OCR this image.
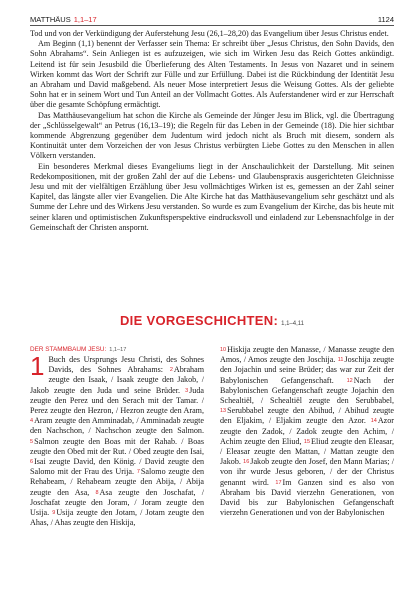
MATTHÄUS 1,1–17	1124

Tod und von der Verkündigung der Auferstehung Jesu (26,1–28,20) das Evangelium über Jesus Christus endet.

Am Beginn (1,1) benennt der Verfasser sein Thema: Er schreibt über „Jesus Christus, den Sohn Davids, den Sohn Abrahams“. Sein Anliegen ist es aufzuzeigen, wie sich im Wirken Jesu das Reich Gottes ankündigt. Leitend ist für sein Jesusbild die Überlieferung des Alten Testaments. In Jesus von Nazaret und in seinem Wirken kommt das Wort der Schrift zur Fülle und zur Erfüllung. Dabei ist die Rückbindung der Identität Jesu an Abraham und David maßgebend. Als neuer Mose interpretiert Jesus die Weisung Gottes. Als der geliebte Sohn hat er in seinem Wort und Tun Anteil an der Vollmacht Gottes. Als Auferstandener wird er zur Herrschaft über die gesamte Schöpfung ermächtigt.

Das Matthäusevangelium hat schon die Kirche als Gemeinde der Jünger Jesu im Blick, vgl. die Übertragung der „Schlüsselgewalt“ an Petrus (16,13–19); die Regeln für das Leben in der Gemeinde (18). Die hier sichtbar kommende Abgrenzung gegenüber dem Judentum wird jedoch nicht als Bruch mit diesem, sondern als Kontinuität unter dem Vorzeichen der von Jesus Christus verbürgten Liebe Gottes zu den Menschen in allen Völkern verstanden.

Ein besonderes Merkmal dieses Evangeliums liegt in der Anschaulichkeit der Darstellung. Mit seinen Redekompositionen, mit der großen Zahl der auf die Lebens- und Glaubenspraxis ausgerichteten Gleichnisse Jesu und mit der vielfältigen Erzählung über Jesu vollmächtiges Wirken ist es, gemessen an der Zahl seiner Kapitel, das längste aller vier Evangelien. Die Alte Kirche hat das Matthäusevangelium sehr geschätzt und als Summe der Lehre und des Wirkens Jesu verstanden. So wurde es zum Evangelium der Kirche, das bis heute mit seiner klaren und optimistischen Zukunftsperspektive eindrucksvoll und einladend zur Lebensnachfolge in der Gemeinschaft der Christen anspornt.

DIE VORGESCHICHTEN: 1,1–4,11
DER STAMMBAUM JESU: 1,1–17

1 Buch des Ursprungs Jesu Christi, des Sohnes Davids, des Sohnes Abrahams: 2Abraham zeugte den Isaak, / Isaak zeugte den Jakob, / Jakob zeugte den Juda und seine Brüder. 3Juda zeugte den Perez und den Serach mit der Tamar. / Perez zeugte den Hezron, / Hezron zeugte den Aram, 4Aram zeugte den Amminadab, / Amminadab zeugte den Nachschon, / Nachschon zeugte den Salmon. 5Salmon zeugte den Boas mit der Rahab. / Boas zeugte den Obed mit der Rut. / Obed zeugte den Isai, 6Isai zeugte David, den König. / David zeugte den Salomo mit der Frau des Urija. 7Salomo zeugte den Rehabeam, / Rehabeam zeugte den Abija, / Abija zeugte den Asa, 8Asa zeugte den Joschafat, / Joschafat zeugte den Joram, / Joram zeugte den Usija. 9Usija zeugte den Jotam, / Jotam zeugte den Ahas, / Ahas zeugte den Hiskija,

10Hiskija zeugte den Manasse, / Manasse zeugte den Amos, / Amos zeugte den Joschija. 11Joschija zeugte den Jojachin und seine Brüder; das war zur Zeit der Babylonischen Gefangenschaft. 12Nach der Babylonischen Gefangenschaft zeugte Jojachin den Schealtiël, / Schealtiël zeugte den Serubbabel, 13Serubbabel zeugte den Abihud, / Abihud zeugte den Eljakim, / Eljakim zeugte den Azor. 14Azor zeugte den Zadok, / Zadok zeugte den Achim, / Achim zeugte den Eliud, 15Eliud zeugte den Eleasar, / Eleasar zeugte den Mattan, / Mattan zeugte den Jakob. 16Jakob zeugte den Josef, den Mann Marias; / von ihr wurde Jesus geboren, / der der Christus genannt wird. 17Im Ganzen sind es also von Abraham bis David vierzehn Generationen, von David bis zur Babylonischen Gefangenschaft vierzehn Generationen und von der Babylonischen
